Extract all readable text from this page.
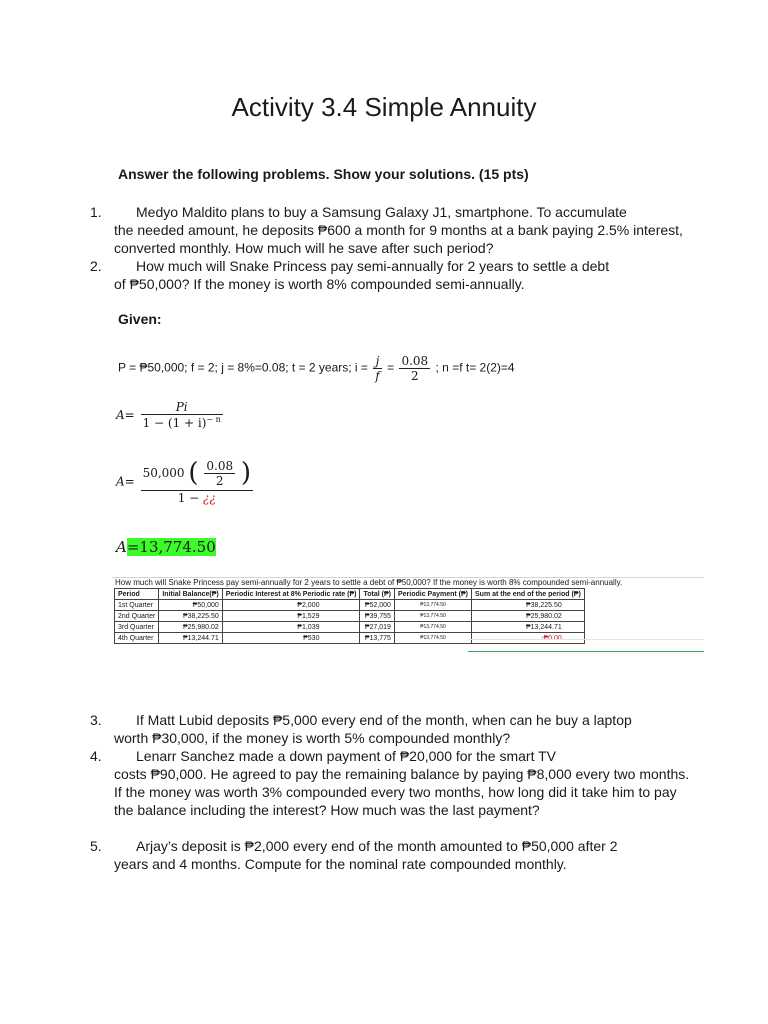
Activity 3.4 Simple Annuity
Answer the following problems. Show your solutions. (15 pts)
1.	Medyo Maldito plans to buy a Samsung Galaxy J1, smartphone. To accumulate
the needed amount, he deposits ₱600 a month for 9 months at a bank paying 2.5% interest, converted monthly. How much will he save after such period?
2.	How much will Snake Princess pay semi-annually for 2 years to settle a debt
of ₱50,000? If the money is worth 8% compounded semi-annually.
Given:
P = ₱50,000; f = 2; j = 8%=0.08; t = 2 years; $i = \frac{j}{f} = \frac{0.08}{2}$ ; n =f t= 2(2)=4
$A= \frac{Pi}{1 - (1 + i)^{- n}}$
$A= \frac{50,000 ( \frac{0.08}{2} )}{1 - ¿¿}$
A=13,774.50
How much will Snake Princess pay semi-annually for 2 years to settle a debt of ₱50,000? If the money is worth 8% compounded semi-annually.
Period	Initial Balance(₱)	Periodic Interest at 8% Periodic rate (₱)	Total (₱)	Periodic Payment (₱)	Sum at the end of the period (₱)
1st Quarter	₱50,000	₱2,000	₱52,000	₱13,774.50	₱38,225.50
2nd Quarter	₱38,225.50	₱1,529	₱39,755	₱13,774.50	₱25,980.02
3rd Quarter	₱25,980.02	₱1,039	₱27,019	₱13,774.50	₱13,244.71
4th Quarter	₱13,244.71	₱530	₱13,775	₱13,774.50	-₱0.00
3.	If Matt Lubid deposits ₱5,000 every end of the month, when can he buy a laptop
worth ₱30,000, if the money is worth 5% compounded monthly?
4.	Lenarr Sanchez made a down payment of ₱20,000 for the smart TV
costs ₱90,000. He agreed to pay the remaining balance by paying ₱8,000 every two months. If the money was worth 3% compounded every two months, how long did it take him to pay the balance including the interest? How much was the last payment?
5.	Arjay’s deposit is ₱2,000 every end of the month amounted to ₱50,000 after 2
years and 4 months. Compute for the nominal rate compounded monthly.
